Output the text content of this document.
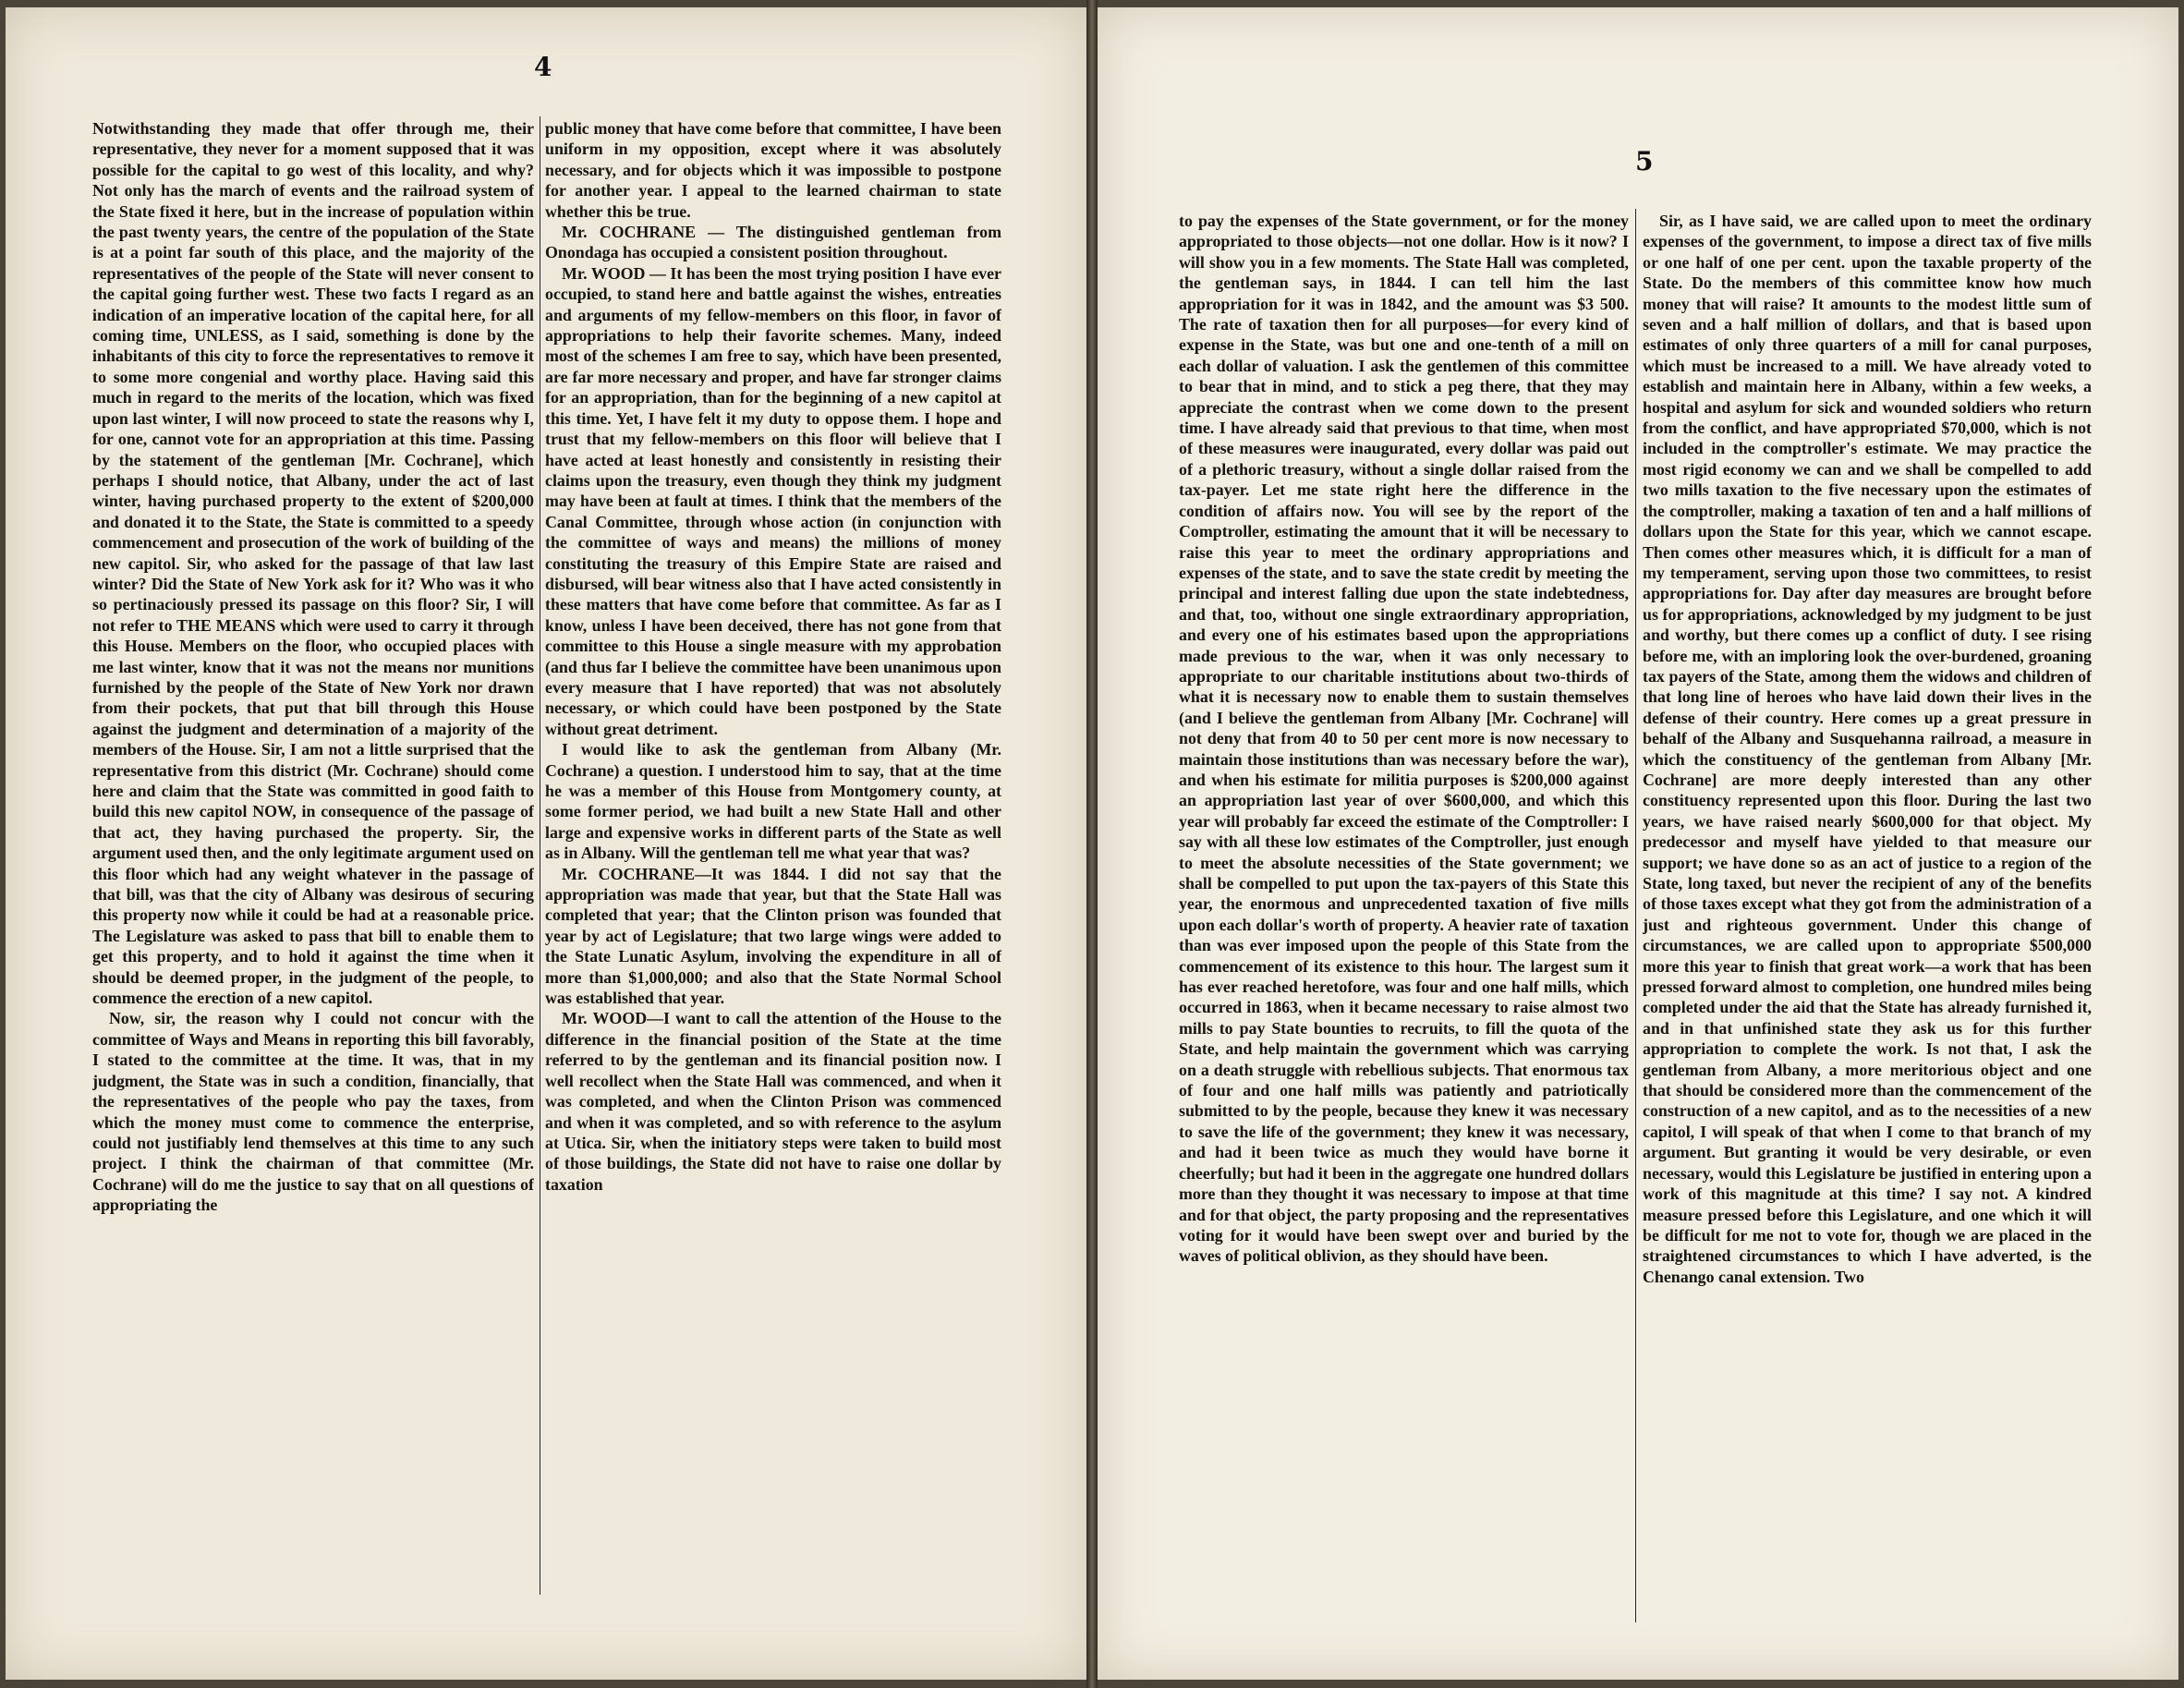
4

Notwithstanding they made that offer through me, their representative, they never for a moment supposed that it was possible for the capital to go west of this locality, and why? Not only has the march of events and the railroad system of the State fixed it here, but in the increase of population within the past twenty years, the centre of the population of the State is at a point far south of this place, and the majority of the representatives of the people of the State will never consent to the capital going further west. These two facts I regard as an indication of an imperative location of the capital here, for all coming time, UNLESS, as I said, something is done by the inhabitants of this city to force the representatives to remove it to some more congenial and worthy place. Having said this much in regard to the merits of the location, which was fixed upon last winter, I will now proceed to state the reasons why I, for one, cannot vote for an appropriation at this time. Passing by the statement of the gentleman [Mr. Cochrane], which perhaps I should notice, that Albany, under the act of last winter, having purchased property to the extent of $200,000 and donated it to the State, the State is committed to a speedy commencement and prosecution of the work of building of the new capitol. Sir, who asked for the passage of that law last winter? Did the State of New York ask for it? Who was it who so pertinaciously pressed its passage on this floor? Sir, I will not refer to THE MEANS which were used to carry it through this House. Members on the floor, who occupied places with me last winter, know that it was not the means nor munitions furnished by the people of the State of New York nor drawn from their pockets, that put that bill through this House against the judgment and determination of a majority of the members of the House. Sir, I am not a little surprised that the representative from this district (Mr. Cochrane) should come here and claim that the State was committed in good faith to build this new capitol NOW, in consequence of the passage of that act, they having purchased the property. Sir, the argument used then, and the only legitimate argument used on this floor which had any weight whatever in the passage of that bill, was that the city of Albany was desirous of securing this property now while it could be had at a reasonable price. The Legislature was asked to pass that bill to enable them to get this property, and to hold it against the time when it should be deemed proper, in the judgment of the people, to commence the erection of a new capitol.

Now, sir, the reason why I could not concur with the committee of Ways and Means in reporting this bill favorably, I stated to the committee at the time. It was, that in my judgment, the State was in such a condition, financially, that the representatives of the people who pay the taxes, from which the money must come to commence the enterprise, could not justifiably lend themselves at this time to any such project. I think the chairman of that committee (Mr. Cochrane) will do me the justice to say that on all questions of appropriating the

public money that have come before that committee, I have been uniform in my opposition, except where it was absolutely necessary, and for objects which it was impossible to postpone for another year. I appeal to the learned chairman to state whether this be true.

Mr. COCHRANE — The distinguished gentleman from Onondaga has occupied a consistent position throughout.

Mr. WOOD — It has been the most trying position I have ever occupied, to stand here and battle against the wishes, entreaties and arguments of my fellow-members on this floor, in favor of appropriations to help their favorite schemes. Many, indeed most of the schemes I am free to say, which have been presented, are far more necessary and proper, and have far stronger claims for an appropriation, than for the beginning of a new capitol at this time. Yet, I have felt it my duty to oppose them. I hope and trust that my fellow-members on this floor will believe that I have acted at least honestly and consistently in resisting their claims upon the treasury, even though they think my judgment may have been at fault at times. I think that the members of the Canal Committee, through whose action (in conjunction with the committee of ways and means) the millions of money constituting the treasury of this Empire State are raised and disbursed, will bear witness also that I have acted consistently in these matters that have come before that committee. As far as I know, unless I have been deceived, there has not gone from that committee to this House a single measure with my approbation (and thus far I believe the committee have been unanimous upon every measure that I have reported) that was not absolutely necessary, or which could have been postponed by the State without great detriment.

I would like to ask the gentleman from Albany (Mr. Cochrane) a question. I understood him to say, that at the time he was a member of this House from Montgomery county, at some former period, we had built a new State Hall and other large and expensive works in different parts of the State as well as in Albany. Will the gentleman tell me what year that was?

Mr. COCHRANE—It was 1844. I did not say that the appropriation was made that year, but that the State Hall was completed that year; that the Clinton prison was founded that year by act of Legislature; that two large wings were added to the State Lunatic Asylum, involving the expenditure in all of more than $1,000,000; and also that the State Normal School was established that year.

Mr. WOOD—I want to call the attention of the House to the difference in the financial position of the State at the time referred to by the gentleman and its financial position now. I well recollect when the State Hall was commenced, and when it was completed, and when the Clinton Prison was commenced and when it was completed, and so with reference to the asylum at Utica. Sir, when the initiatory steps were taken to build most of those buildings, the State did not have to raise one dollar by taxation

5

to pay the expenses of the State government, or for the money appropriated to those objects—not one dollar. How is it now? I will show you in a few moments. The State Hall was completed, the gentleman says, in 1844. I can tell him the last appropriation for it was in 1842, and the amount was $3 500. The rate of taxation then for all purposes—for every kind of expense in the State, was but one and one-tenth of a mill on each dollar of valuation. I ask the gentlemen of this committee to bear that in mind, and to stick a peg there, that they may appreciate the contrast when we come down to the present time. I have already said that previous to that time, when most of these measures were inaugurated, every dollar was paid out of a plethoric treasury, without a single dollar raised from the tax-payer. Let me state right here the difference in the condition of affairs now. You will see by the report of the Comptroller, estimating the amount that it will be necessary to raise this year to meet the ordinary appropriations and expenses of the state, and to save the state credit by meeting the principal and interest falling due upon the state indebtedness, and that, too, without one single extraordinary appropriation, and every one of his estimates based upon the appropriations made previous to the war, when it was only necessary to appropriate to our charitable institutions about two-thirds of what it is necessary now to enable them to sustain themselves (and I believe the gentleman from Albany [Mr. Cochrane] will not deny that from 40 to 50 per cent more is now necessary to maintain those institutions than was necessary before the war), and when his estimate for militia purposes is $200,000 against an appropriation last year of over $600,000, and which this year will probably far exceed the estimate of the Comptroller: I say with all these low estimates of the Comptroller, just enough to meet the absolute necessities of the State government; we shall be compelled to put upon the tax-payers of this State this year, the enormous and unprecedented taxation of five mills upon each dollar's worth of property. A heavier rate of taxation than was ever imposed upon the people of this State from the commencement of its existence to this hour. The largest sum it has ever reached heretofore, was four and one half mills, which occurred in 1863, when it became necessary to raise almost two mills to pay State bounties to recruits, to fill the quota of the State, and help maintain the government which was carrying on a death struggle with rebellious subjects. That enormous tax of four and one half mills was patiently and patriotically submitted to by the people, because they knew it was necessary to save the life of the government; they knew it was necessary, and had it been twice as much they would have borne it cheerfully; but had it been in the aggregate one hundred dollars more than they thought it was necessary to impose at that time and for that object, the party proposing and the representatives voting for it would have been swept over and buried by the waves of political oblivion, as they should have been.

Sir, as I have said, we are called upon to meet the ordinary expenses of the government, to impose a direct tax of five mills or one half of one per cent. upon the taxable property of the State. Do the members of this committee know how much money that will raise? It amounts to the modest little sum of seven and a half million of dollars, and that is based upon estimates of only three quarters of a mill for canal purposes, which must be increased to a mill. We have already voted to establish and maintain here in Albany, within a few weeks, a hospital and asylum for sick and wounded soldiers who return from the conflict, and have appropriated $70,000, which is not included in the comptroller's estimate. We may practice the most rigid economy we can and we shall be compelled to add two mills taxation to the five necessary upon the estimates of the comptroller, making a taxation of ten and a half millions of dollars upon the State for this year, which we cannot escape. Then comes other measures which, it is difficult for a man of my temperament, serving upon those two committees, to resist appropriations for. Day after day measures are brought before us for appropriations, acknowledged by my judgment to be just and worthy, but there comes up a conflict of duty. I see rising before me, with an imploring look the over-burdened, groaning tax payers of the State, among them the widows and children of that long line of heroes who have laid down their lives in the defense of their country. Here comes up a great pressure in behalf of the Albany and Susquehanna railroad, a measure in which the constituency of the gentleman from Albany [Mr. Cochrane] are more deeply interested than any other constituency represented upon this floor. During the last two years, we have raised nearly $600,000 for that object. My predecessor and myself have yielded to that measure our support; we have done so as an act of justice to a region of the State, long taxed, but never the recipient of any of the benefits of those taxes except what they got from the administration of a just and righteous government. Under this change of circumstances, we are called upon to appropriate $500,000 more this year to finish that great work—a work that has been pressed forward almost to completion, one hundred miles being completed under the aid that the State has already furnished it, and in that unfinished state they ask us for this further appropriation to complete the work. Is not that, I ask the gentleman from Albany, a more meritorious object and one that should be considered more than the commencement of the construction of a new capitol, and as to the necessities of a new capitol, I will speak of that when I come to that branch of my argument. But granting it would be very desirable, or even necessary, would this Legislature be justified in entering upon a work of this magnitude at this time? I say not. A kindred measure pressed before this Legislature, and one which it will be difficult for me not to vote for, though we are placed in the straightened circumstances to which I have adverted, is the Chenango canal extension. Two
